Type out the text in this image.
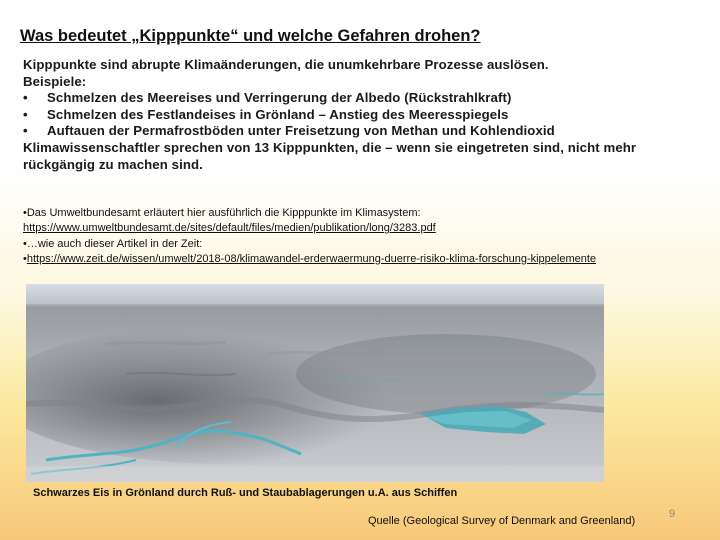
Was bedeutet „Kipppunkte“ und welche Gefahren drohen?

Kipppunkte sind abrupte Klimaänderungen, die unumkehrbare Prozesse auslösen.

Beispiele:

•	Schmelzen des Meereises und Verringerung der Albedo (Rückstrahlkraft)
•	Schmelzen des Festlandeises in Grönland – Anstieg des Meeresspiegels
•	Auftauen der Permafrostböden unter Freisetzung von Methan und Kohlendioxid

Klimawissenschaftler sprechen von 13 Kipppunkten, die – wenn sie eingetreten sind, nicht mehr rückgängig zu machen sind.

•Das Umweltbundesamt erläutert hier ausführlich die Kipppunkte im Klimasystem:

https://www.umweltbundesamt.de/sites/default/files/medien/publikation/long/3283.pdf

•…wie auch dieser Artikel in der Zeit:

•https://www.zeit.de/wissen/umwelt/2018-08/klimawandel-erderwaermung-duerre-risiko-klima-forschung-kippelemente

Schwarzes Eis in Grönland durch Ruß- und Staubablagerungen u.A. aus Schiffen
Quelle (Geological Survey of Denmark and Greenland)
9
